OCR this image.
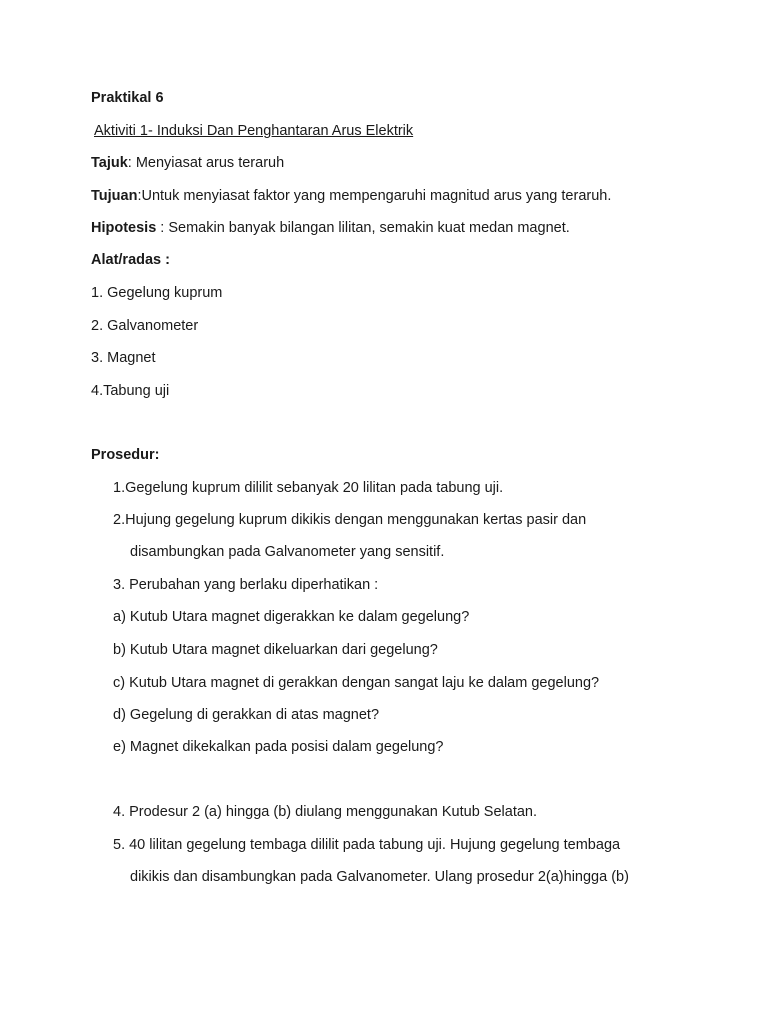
Praktikal 6
Aktiviti 1- Induksi Dan Penghantaran Arus Elektrik
Tajuk: Menyiasat arus teraruh
Tujuan:Untuk menyiasat faktor yang mempengaruhi magnitud arus yang teraruh.
Hipotesis : Semakin banyak bilangan lilitan, semakin kuat medan magnet.
Alat/radas :
1. Gegelung kuprum
2. Galvanometer
3. Magnet
4.Tabung uji
Prosedur:
1.Gegelung kuprum dililit sebanyak 20 lilitan pada tabung uji.
2.Hujung gegelung kuprum dikikis dengan menggunakan kertas pasir dan
disambungkan pada Galvanometer yang sensitif.
3. Perubahan yang berlaku diperhatikan :
a) Kutub Utara magnet digerakkan ke dalam gegelung?
b) Kutub Utara magnet dikeluarkan dari gegelung?
c) Kutub Utara magnet di gerakkan dengan sangat laju ke dalam gegelung?
d) Gegelung di gerakkan di atas magnet?
e) Magnet dikekalkan pada posisi dalam gegelung?
4. Prodesur 2 (a) hingga (b) diulang menggunakan Kutub Selatan.
5. 40 lilitan gegelung tembaga dililit pada tabung uji. Hujung gegelung tembaga
dikikis dan disambungkan pada Galvanometer. Ulang prosedur 2(a)hingga (b)
